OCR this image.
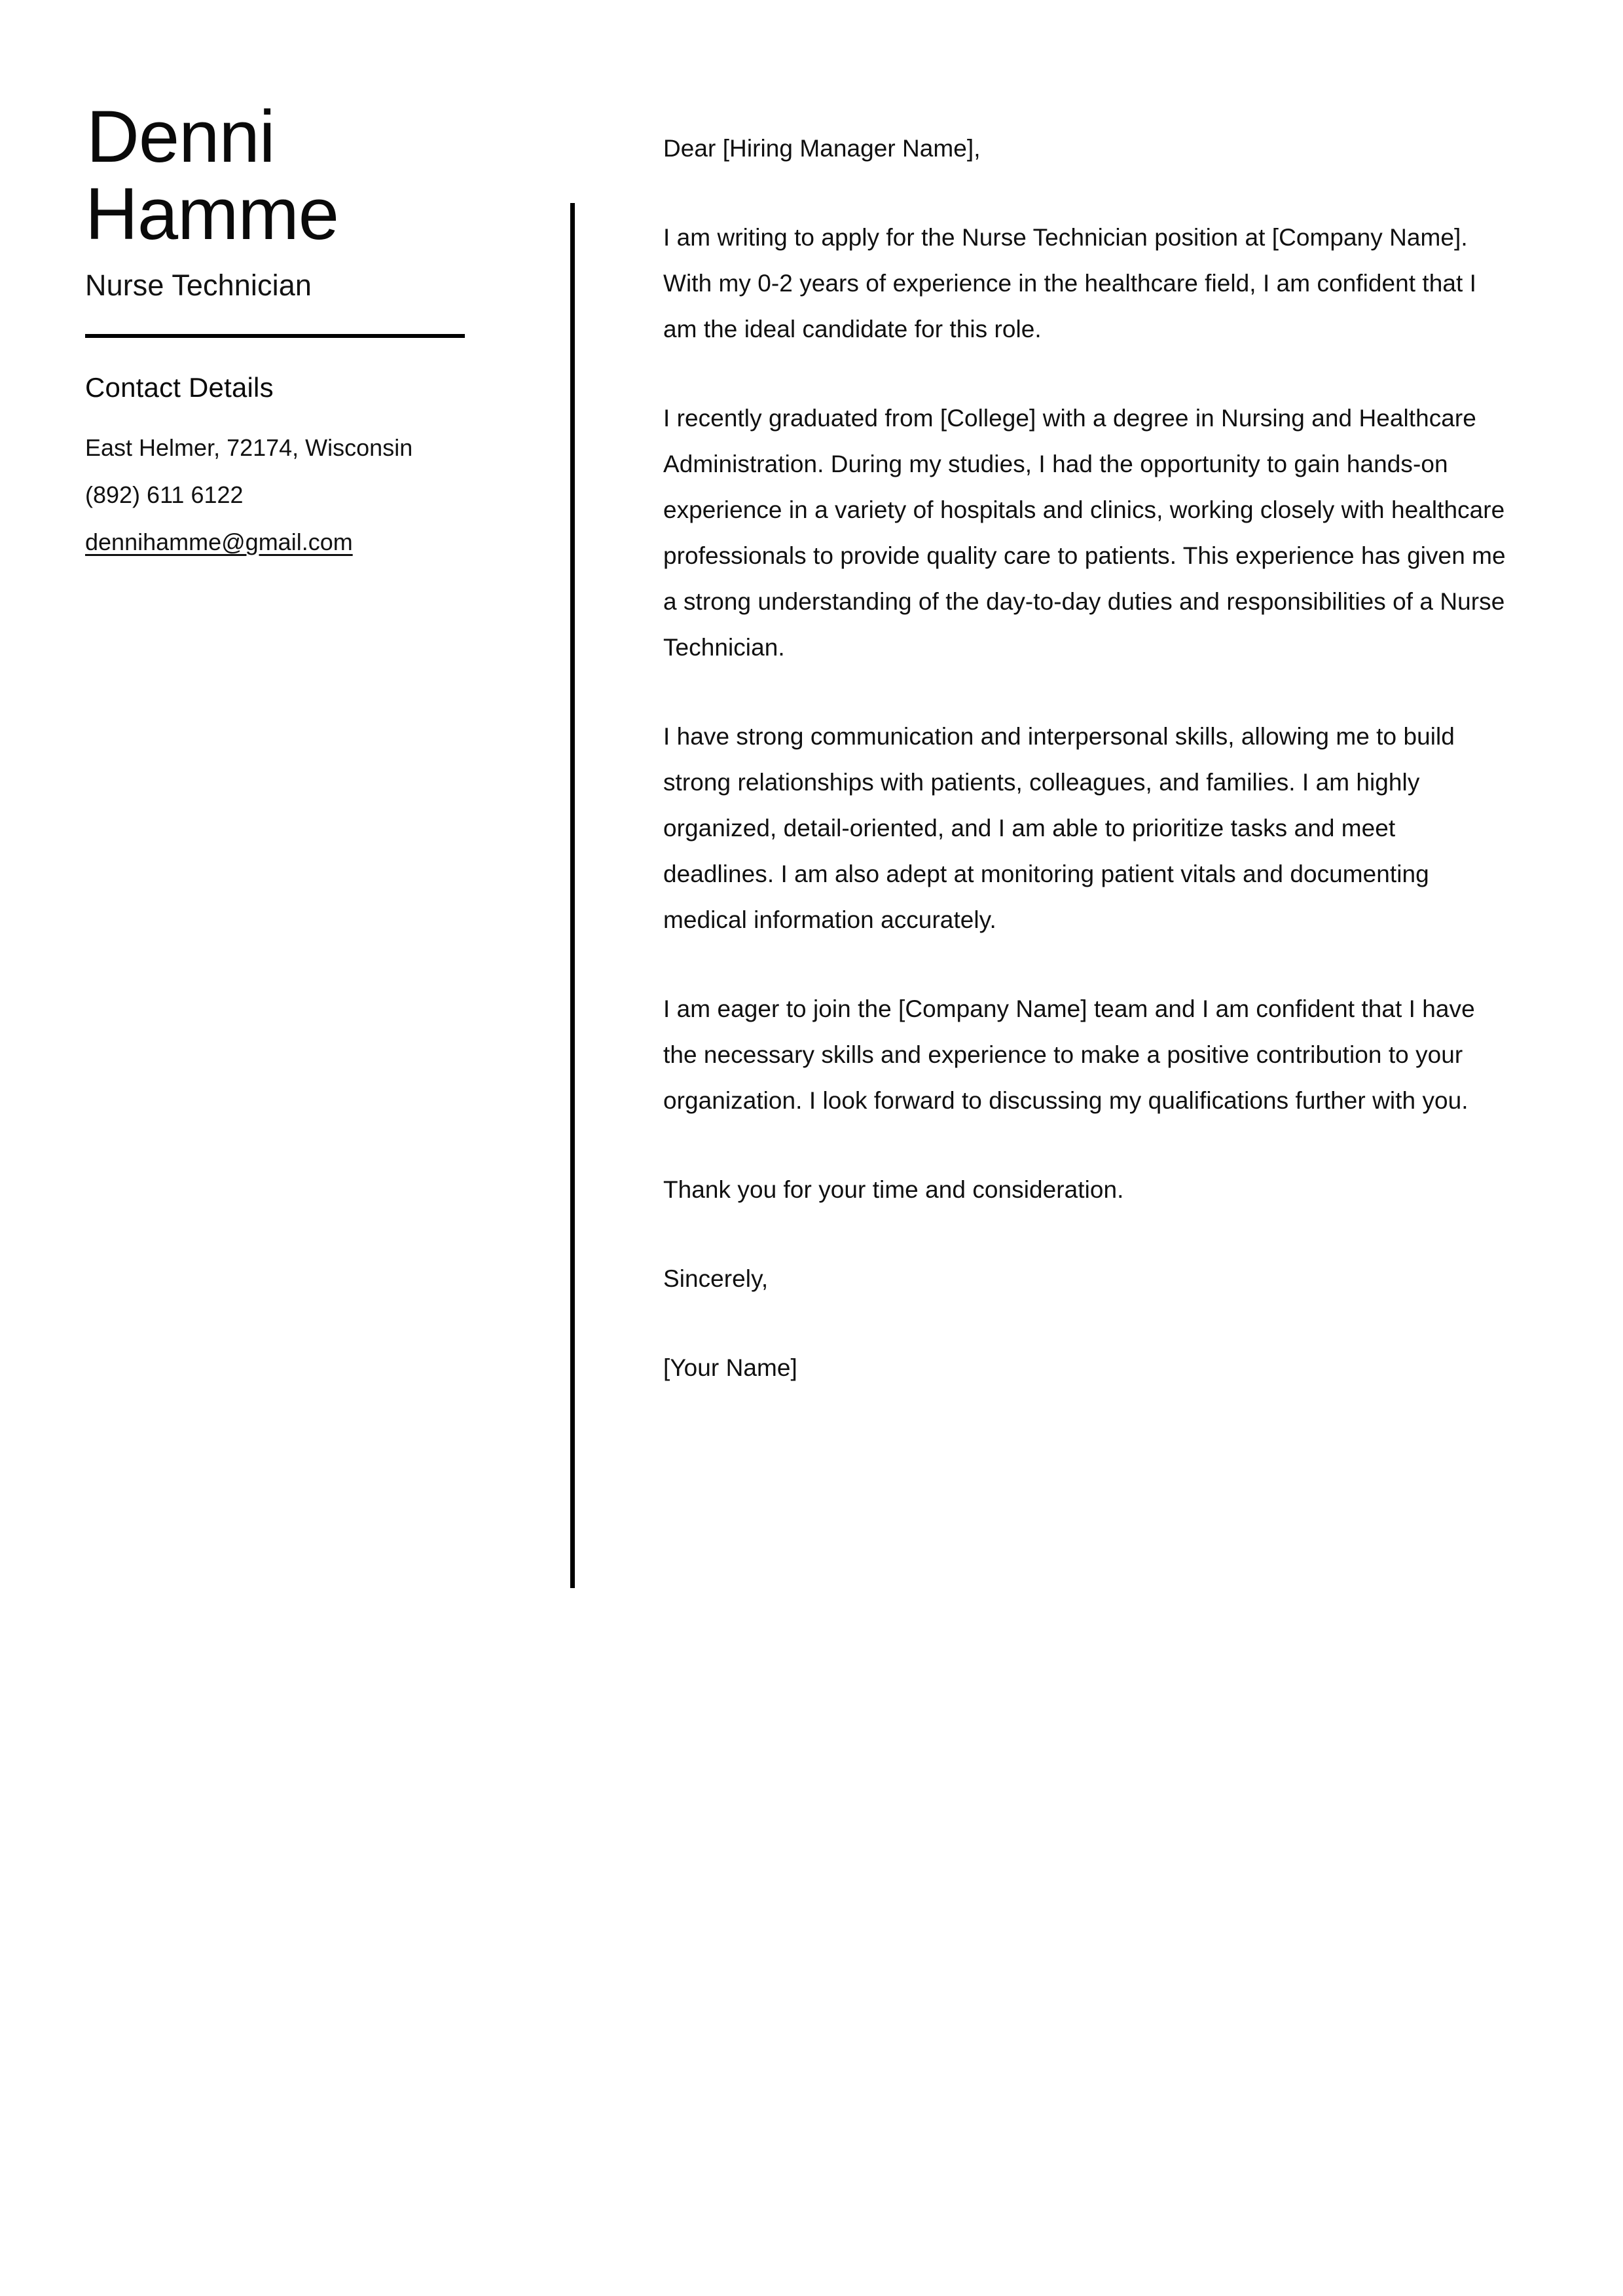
Denni
Hamme
Nurse Technician
Contact Details
East Helmer, 72174, Wisconsin
(892) 611 6122
dennihamme@gmail.com

Dear [Hiring Manager Name],

I am writing to apply for the Nurse Technician position at [Company Name]. With my 0-2 years of experience in the healthcare field, I am confident that I am the ideal candidate for this role.

I recently graduated from [College] with a degree in Nursing and Healthcare Administration. During my studies, I had the opportunity to gain hands-on experience in a variety of hospitals and clinics, working closely with healthcare professionals to provide quality care to patients. This experience has given me a strong understanding of the day-to-day duties and responsibilities of a Nurse Technician.

I have strong communication and interpersonal skills, allowing me to build strong relationships with patients, colleagues, and families. I am highly organized, detail-oriented, and I am able to prioritize tasks and meet deadlines. I am also adept at monitoring patient vitals and documenting medical information accurately.

I am eager to join the [Company Name] team and I am confident that I have the necessary skills and experience to make a positive contribution to your organization. I look forward to discussing my qualifications further with you.

Thank you for your time and consideration.

Sincerely,

[Your Name]
